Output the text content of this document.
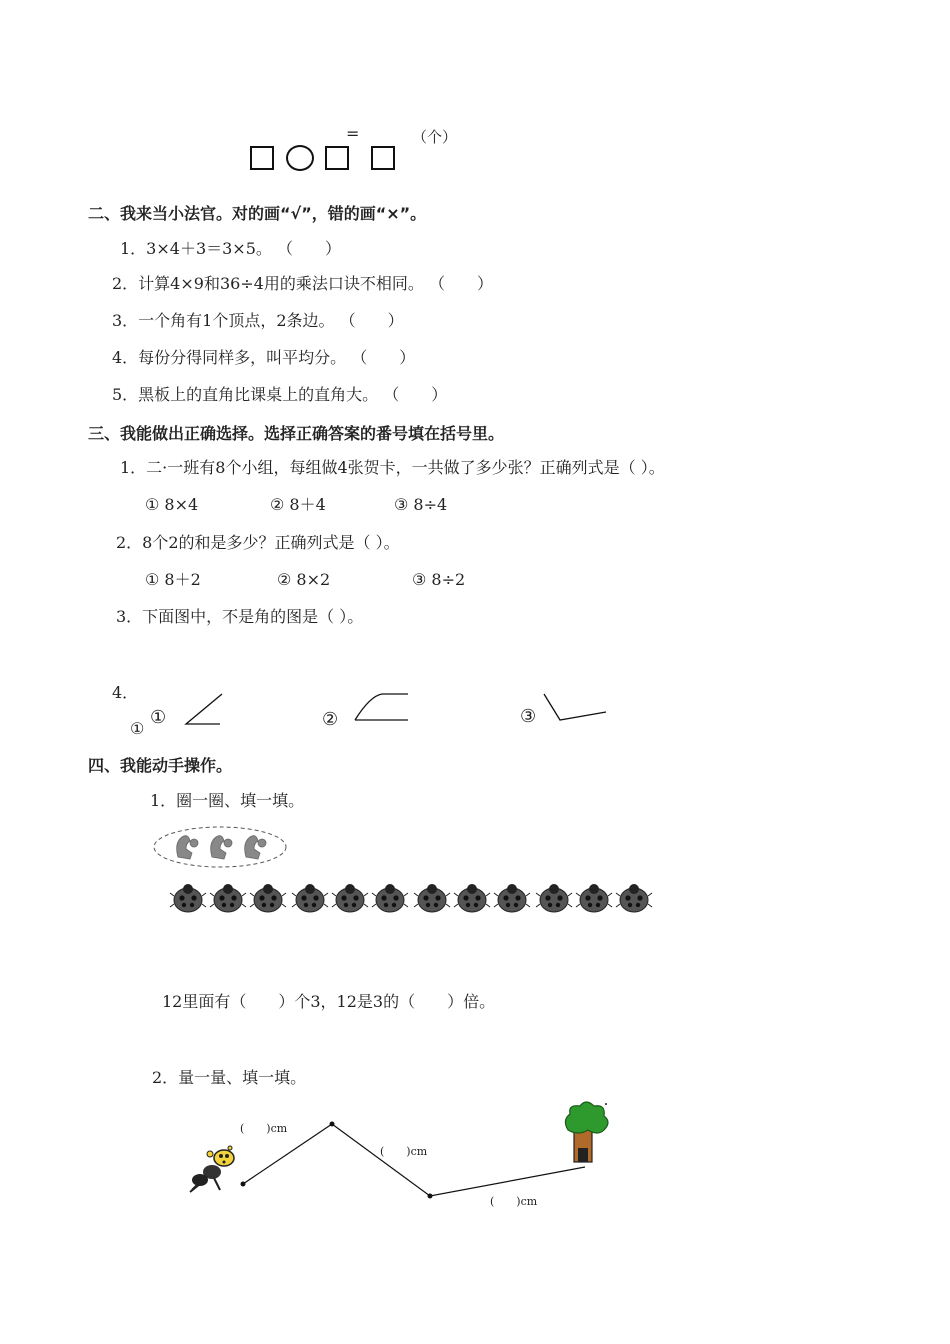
=	（个）
二、我来当小法官。对的画“√”，错的画“×”。
1．3×4＋3＝3×5。 （　　）
2．计算4×9和36÷4用的乘法口诀不相同。 （　　）
3．一个角有1个顶点，2条边。 （　　）
4．每份分得同样多，叫平均分。 （　　）
5．黑板上的直角比课桌上的直角大。 （　　）
三、我能做出正确选择。选择正确答案的番号填在括号里。
1．二·一班有8个小组，每组做4张贺卡，一共做了多少张？正确列式是（ ）。
① 8×4	② 8＋4	③ 8÷4
2．8个2的和是多少？正确列式是（ ）。
① 8＋2	② 8×2	③ 8÷2
3．下面图中，不是角的图是（ ）。
4．
①
①	②	③
四、我能动手操作。
1．圈一圈、填一填。
12里面有（　　）个3，12是3的（　　）倍。
2．量一量、填一填。
(　　)cm
(　　)cm
(　　)cm
